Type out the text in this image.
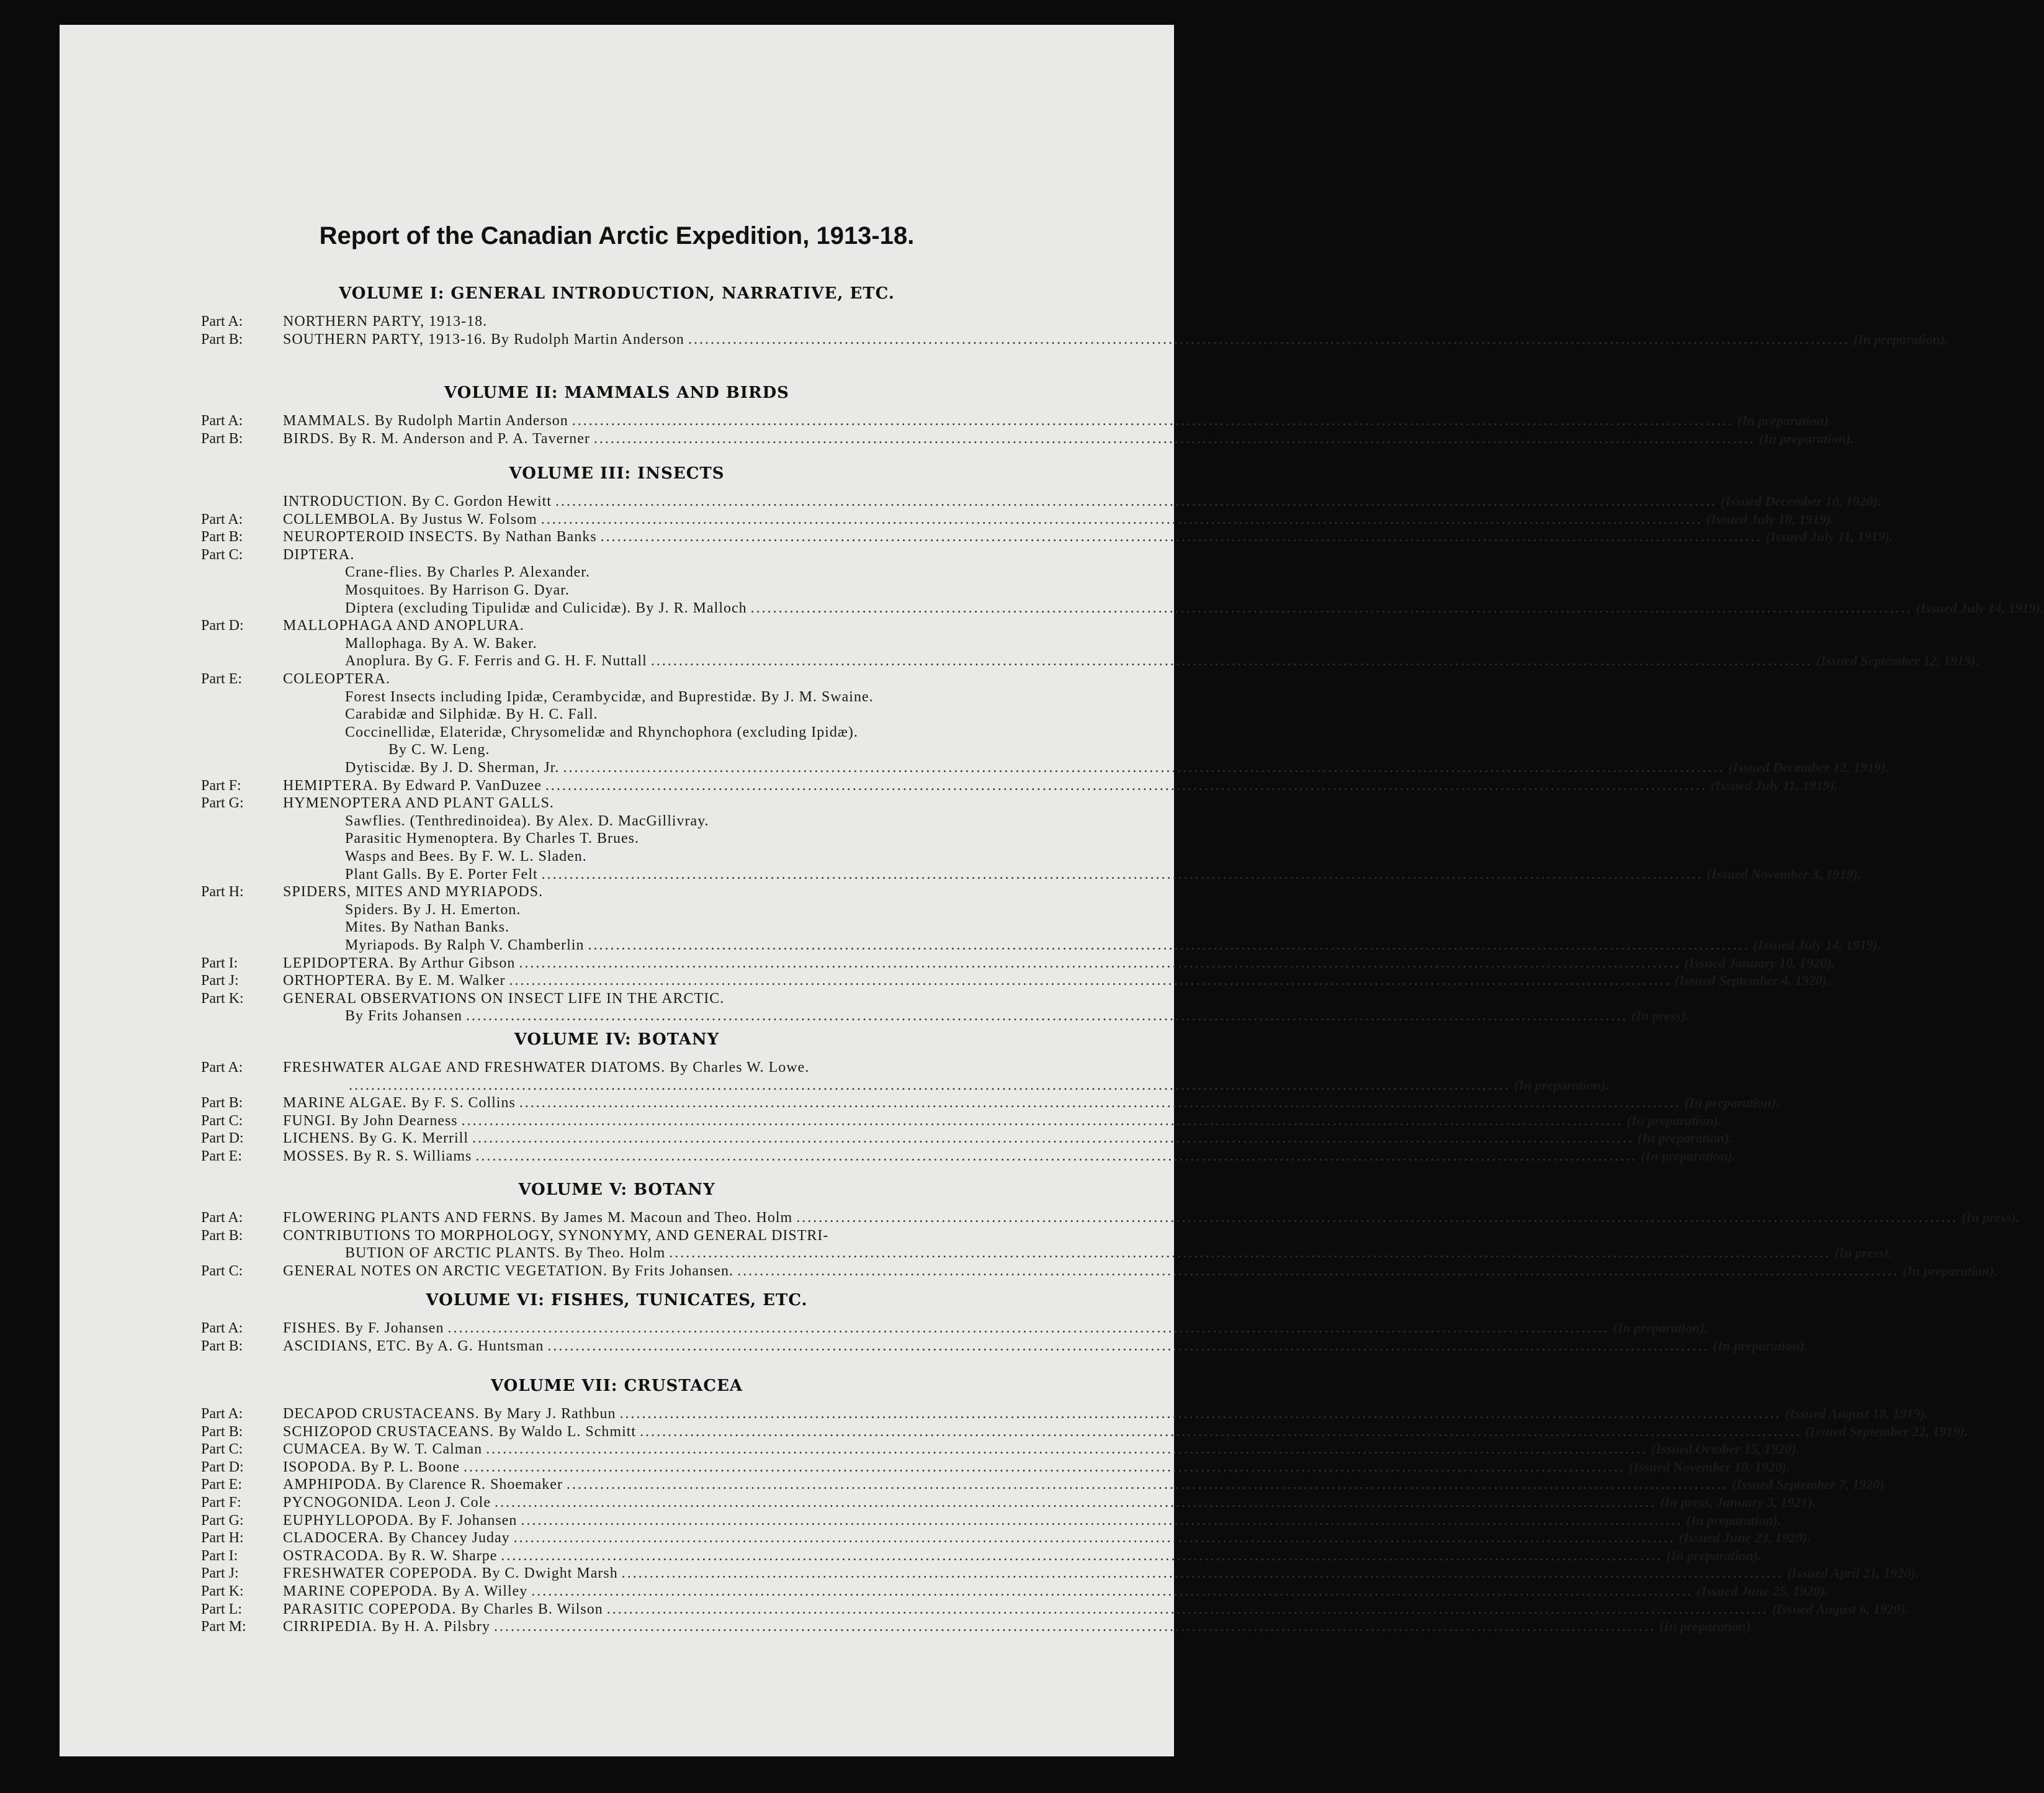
Report of the Canadian Arctic Expedition, 1913-18.
VOLUME I: GENERAL INTRODUCTION, NARRATIVE, ETC.
Part A:	NORTHERN PARTY, 1913-18.
Part B:	SOUTHERN PARTY, 1913-16. By Rudolph Martin Anderson .....	(In preparation).
VOLUME II: MAMMALS AND BIRDS
Part A:	MAMMALS. By Rudolph Martin Anderson .....	(In preparation).
Part B:	BIRDS. By R. M. Anderson and P. A. Taverner .....	(In preparation).
VOLUME III: INSECTS
INTRODUCTION. By C. Gordon Hewitt .....	(Issued December 10, 1920).
Part A:	COLLEMBOLA. By Justus W. Folsom .....	(Issued July 10, 1919).
Part B:	NEUROPTEROID INSECTS. By Nathan Banks .....	(Issued July 11, 1919).
Part C:	DIPTERA.
Crane-flies. By Charles P. Alexander.
Mosquitoes. By Harrison G. Dyar.
Diptera (excluding Tipulidæ and Culicidæ). By J. R. Malloch .....	(Issued July 14, 1919).
Part D:	MALLOPHAGA AND ANOPLURA.
Mallophaga. By A. W. Baker.
Anoplura. By G. F. Ferris and G. H. F. Nuttall .....	(Issued September 12, 1919).
Part E:	COLEOPTERA.
Forest Insects including Ipidæ, Cerambycidæ, and Buprestidæ. By J. M. Swaine.
Carabidæ and Silphidæ. By H. C. Fall.
Coccinellidæ, Elateridæ, Chrysomelidæ and Rhynchophora (excluding Ipidæ).
By C. W. Leng.
Dytiscidæ. By J. D. Sherman, Jr. .....	(Issued December 12, 1919).
Part F:	HEMIPTERA. By Edward P. VanDuzee .....	(Issued July 11, 1919).
Part G:	HYMENOPTERA AND PLANT GALLS.
Sawflies. (Tenthredinoidea). By Alex. D. MacGillivray.
Parasitic Hymenoptera. By Charles T. Brues.
Wasps and Bees. By F. W. L. Sladen.
Plant Galls. By E. Porter Felt .....	(Issued November 3, 1919).
Part H:	SPIDERS, MITES AND MYRIAPODS.
Spiders. By J. H. Emerton.
Mites. By Nathan Banks.
Myriapods. By Ralph V. Chamberlin .....	(Issued July 14, 1919).
Part I:	LEPIDOPTERA. By Arthur Gibson .....	(Issued January 10, 1920).
Part J:	ORTHOPTERA. By E. M. Walker .....	(Issued September 4, 1920).
Part K:	GENERAL OBSERVATIONS ON INSECT LIFE IN THE ARCTIC.
By Frits Johansen .....	(In press).
VOLUME IV: BOTANY
Part A:	FRESHWATER ALGAE AND FRESHWATER DIATOMS. By Charles W. Lowe.
.....
(In preparation).
Part B:	MARINE ALGAE. By F. S. Collins .....	(In preparation).
Part C:	FUNGI. By John Dearness .....	(In preparation).
Part D:	LICHENS. By G. K. Merrill .....	(In preparation).
Part E:	MOSSES. By R. S. Williams .....	(In preparation).
VOLUME V: BOTANY
Part A:	FLOWERING PLANTS AND FERNS. By James M. Macoun and Theo. Holm .....	(In press).
Part B:	CONTRIBUTIONS TO MORPHOLOGY, SYNONYMY, AND GENERAL DISTRI-
BUTION OF ARCTIC PLANTS. By Theo. Holm .....	(In press).
Part C:	GENERAL NOTES ON ARCTIC VEGETATION. By Frits Johansen. .....	(In preparation).
VOLUME VI: FISHES, TUNICATES, ETC.
Part A:	FISHES. By F. Johansen .....	(In preparation).
Part B:	ASCIDIANS, ETC. By A. G. Huntsman .....	(In preparation).
VOLUME VII: CRUSTACEA
Part A:	DECAPOD CRUSTACEANS. By Mary J. Rathbun .....	(Issued August 18, 1919).
Part B:	SCHIZOPOD CRUSTACEANS. By Waldo L. Schmitt .....	(Issued September 22, 1919).
Part C:	CUMACEA. By W. T. Calman .....	(Issued October 15, 1920).
Part D:	ISOPODA. By P. L. Boone .....	(Issued November 10, 1920).
Part E:	AMPHIPODA. By Clarence R. Shoemaker .....	(Issued September 7, 1920).
Part F:	PYCNOGONIDA. Leon J. Cole .....	(In press, January 3, 1921).
Part G:	EUPHYLLOPODA. By F. Johansen .....	(In preparation).
Part H:	CLADOCERA. By Chancey Juday .....	(Issued June 23, 1920).
Part I:	OSTRACODA. By R. W. Sharpe .....	(In preparation).
Part J:	FRESHWATER COPEPODA. By C. Dwight Marsh .....	(Issued April 21, 1920).
Part K:	MARINE COPEPODA. By A. Willey .....	(Issued June 25, 1920).
Part L:	PARASITIC COPEPODA. By Charles B. Wilson .....	(Issued August 6, 1920).
Part M:	CIRRIPEDIA. By H. A. Pilsbry .....	(In preparation).
